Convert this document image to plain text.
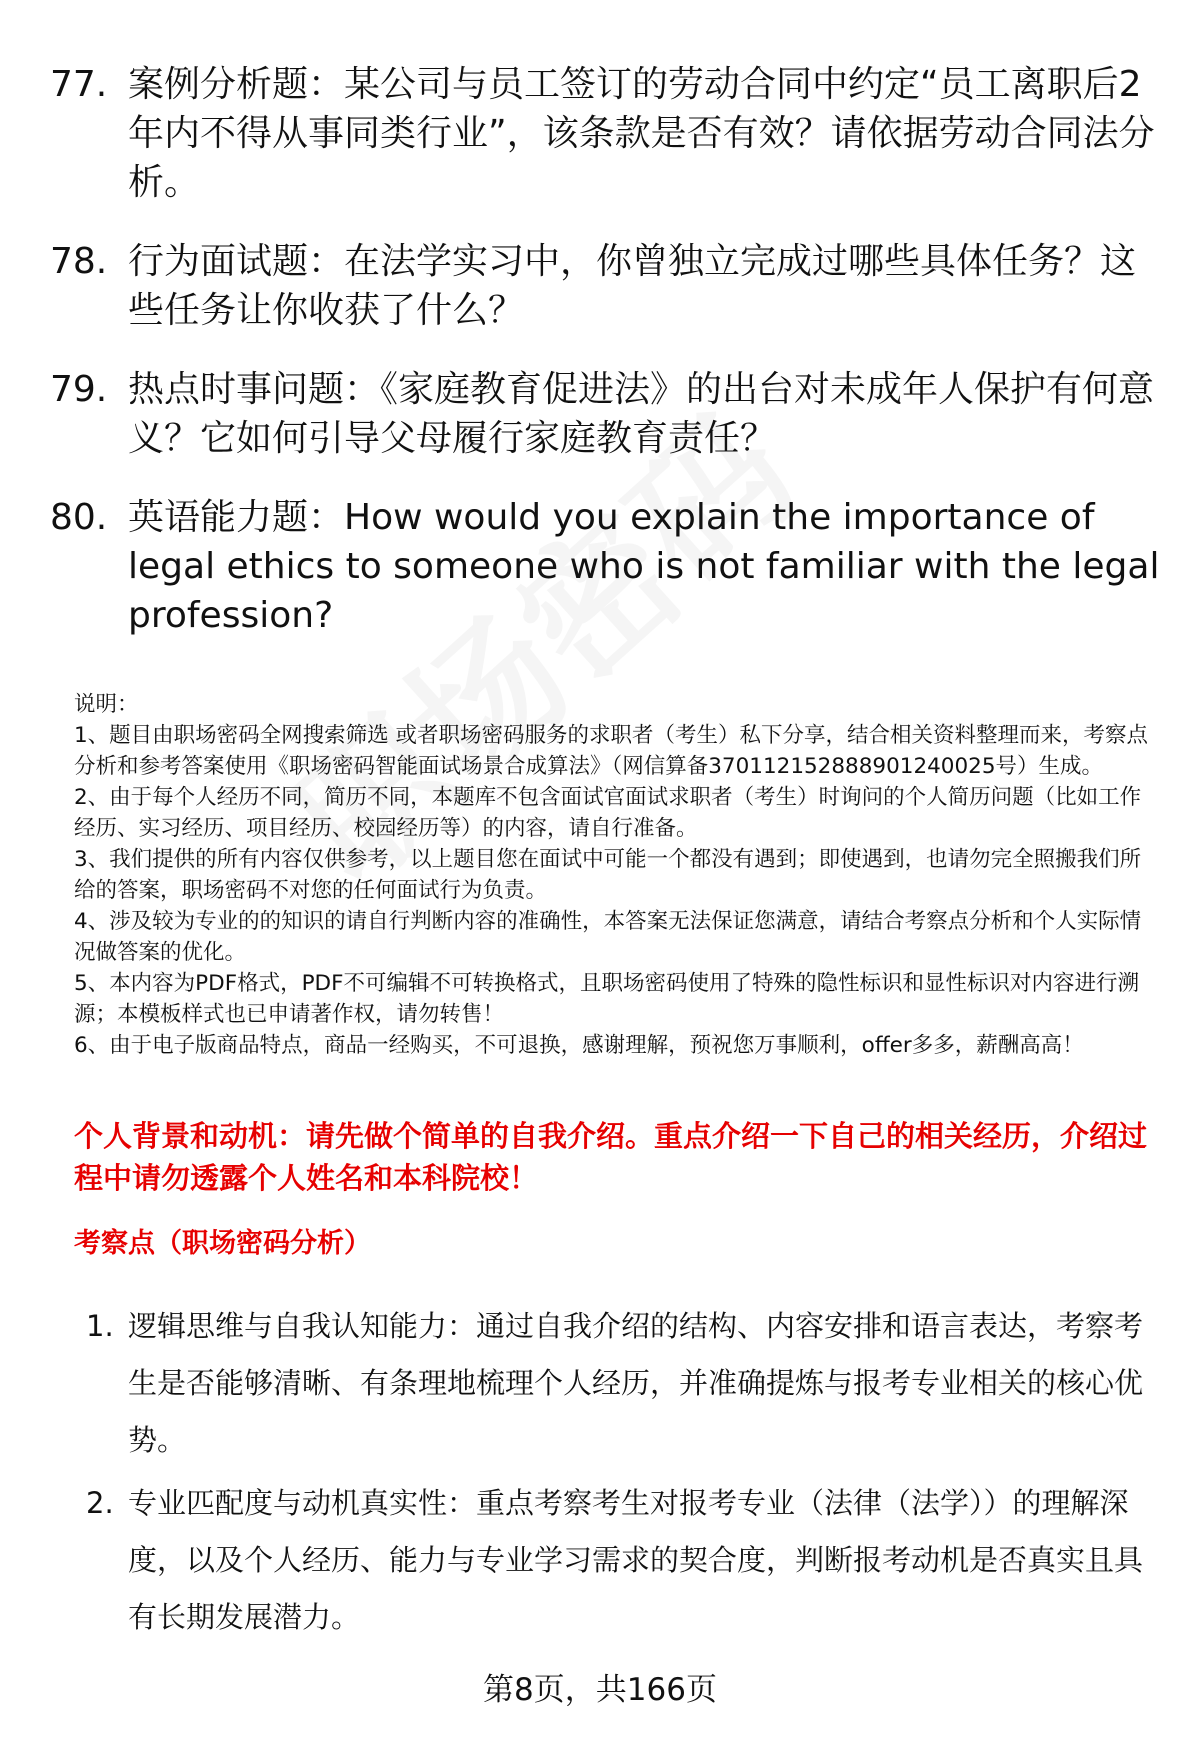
77. 案例分析题：某公司与员工签订的劳动合同中约定“员工离职后2年内不得从事同类行业”，该条款是否有效？请依据劳动合同法分析。
78. 行为面试题：在法学实习中，你曾独立完成过哪些具体任务？这些任务让你收获了什么？
79. 热点时事问题：《家庭教育促进法》的出台对未成年人保护有何意义？它如何引导父母履行家庭教育责任？
80. 英语能力题：How would you explain the importance of legal ethics to someone who is not familiar with the legal profession?
说明：
1、题目由职场密码全网搜索筛选 或者职场密码服务的求职者（考生）私下分享，结合相关资料整理而来，考察点分析和参考答案使用《职场密码智能面试场景合成算法》（网信算备370112152888901240025号）生成。
2、由于每个人经历不同，简历不同，本题库不包含面试官面试求职者（考生）时询问的个人简历问题（比如工作经历、实习经历、项目经历、校园经历等）的内容，请自行准备。
3、我们提供的所有内容仅供参考，以上题目您在面试中可能一个都没有遇到；即使遇到，也请勿完全照搬我们所给的答案，职场密码不对您的任何面试行为负责。
4、涉及较为专业的的知识的请自行判断内容的准确性，本答案无法保证您满意，请结合考察点分析和个人实际情况做答案的优化。
5、本内容为PDF格式，PDF不可编辑不可转换格式，且职场密码使用了特殊的隐性标识和显性标识对内容进行溯源；本模板样式也已申请著作权，请勿转售！
6、由于电子版商品特点，商品一经购买，不可退换，感谢理解，预祝您万事顺利，offer多多，薪酬高高！
个人背景和动机：请先做个简单的自我介绍。重点介绍一下自己的相关经历，介绍过程中请勿透露个人姓名和本科院校！
考察点（职场密码分析）
1. 逻辑思维与自我认知能力：通过自我介绍的结构、内容安排和语言表达，考察考生是否能够清晰、有条理地梳理个人经历，并准确提炼与报考专业相关的核心优势。
2. 专业匹配度与动机真实性：重点考察考生对报考专业（法律（法学））的理解深度，以及个人经历、能力与专业学习需求的契合度，判断报考动机是否真实且具有长期发展潜力。
第8页，共166页
